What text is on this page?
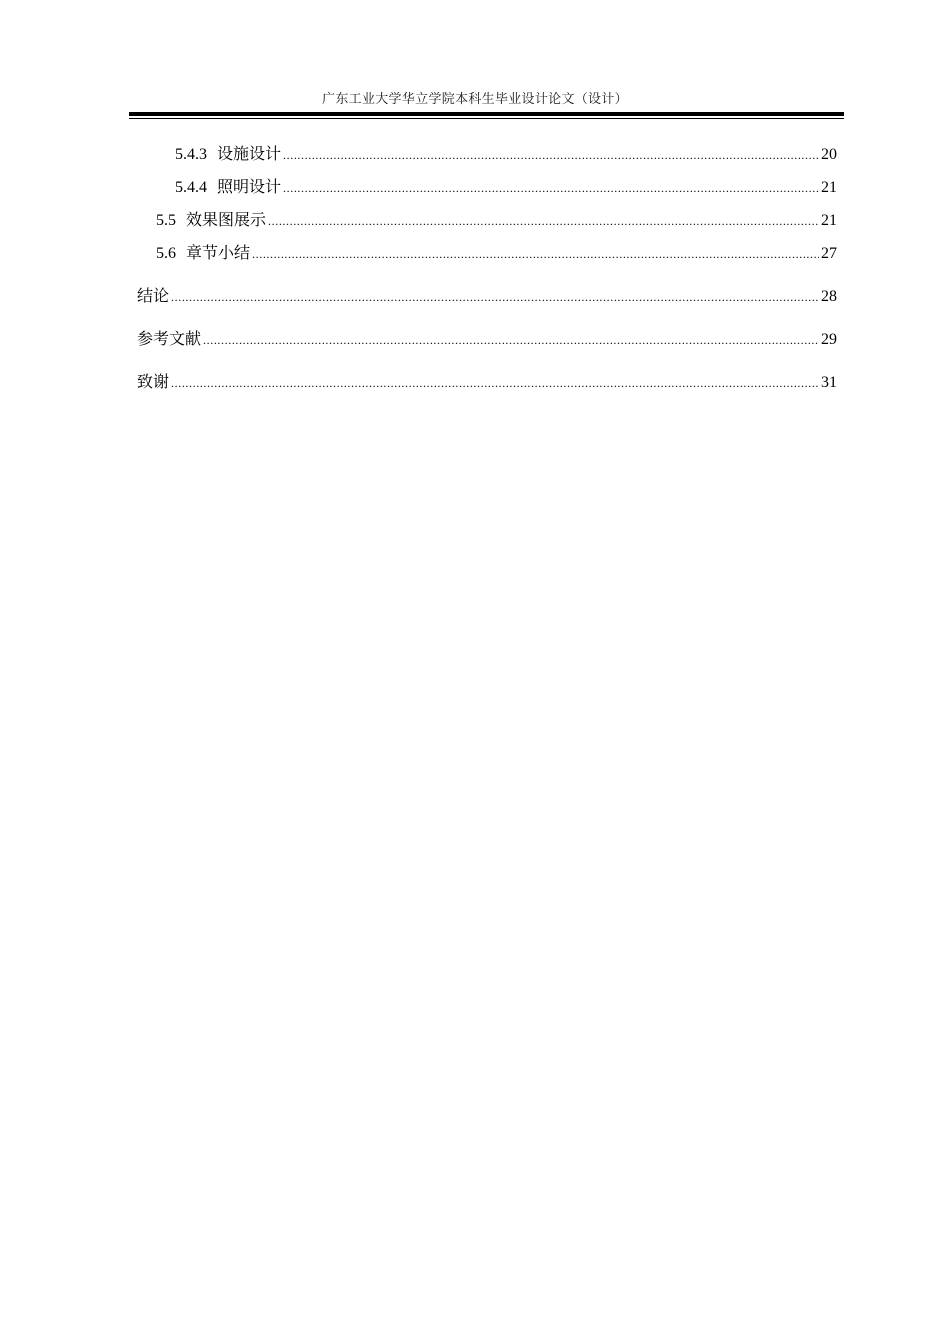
广东工业大学华立学院本科生毕业设计论文（设计）
5.4.3 设施设计 .....	20
5.4.4 照明设计 .....	21
5.5 效果图展示 .....	21
5.6 章节小结 .....	27
结论 .....	28
参考文献 .....	29
致谢 .....	31
